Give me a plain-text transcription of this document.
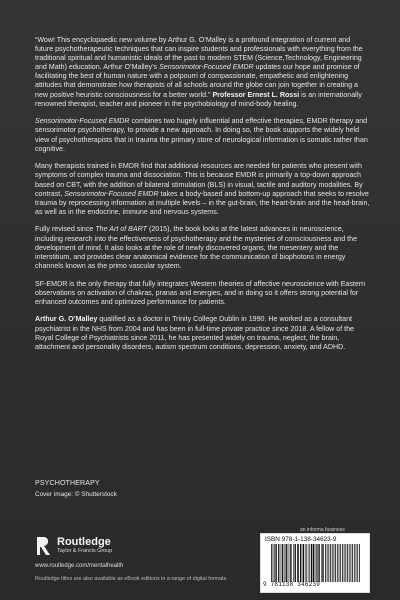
“Wow! This encyclopaedic new volume by Arthur G. O’Malley is a profound integration of current and future psychotherapeutic techniques that can inspire students and professionals with everything from the traditional spiritual and humanistic ideals of the past to modern STEM (Science,Technology, Engineering and Math) education. Arthur O’Malley’s Sensorimotor-Focused EMDR updates our hope and promise of facilitating the best of human nature with a potpourri of compassionate, empathetic and enlightening attitudes that demonstrate how therapists of all schools around the globe can join together in creating a new positive heuristic consciousness for a better world.” Professor Ernest L. Rossi is an internationally renowned therapist, teacher and pioneer in the psychobiology of mind-body healing.

Sensorimotor-Focused EMDR combines two hugely influential and effective therapies, EMDR therapy and sensorimotor psychotherapy, to provide a new approach. In doing so, the book supports the widely held view of psychotherapists that in trauma the primary store of neurological information is somatic rather than cognitive.

Many therapists trained in EMDR find that additional resources are needed for patients who present with symptoms of complex trauma and dissociation. This is because EMDR is primarily a top-down approach based on CBT, with the addition of bilateral stimulation (BLS) in visual, tactile and auditory modalities. By contrast, Sensorimotor-Focused EMDR takes a body-based and bottom-up approach that seeks to resolve trauma by reprocessing information at multiple levels – in the gut-brain, the heart-brain and the head-brain, as well as in the endocrine, immune and nervous systems.

Fully revised since The Art of BART (2015), the book looks at the latest advances in neuroscience, including research into the effectiveness of psychotherapy and the mysteries of consciousness and the development of mind. It also looks at the role of newly discovered organs, the mesentery and the interstitium, and provides clear anatomical evidence for the communication of biophotons in energy channels known as the primo vascular system.

SF-EMDR is the only therapy that fully integrates Western theories of affective neuroscience with Eastern observations on activation of chakras, pranas and energies, and in doing so it offers strong potential for enhanced outcomes and optimized performance for patients.

Arthur G. O’Malley qualified as a doctor in Trinity College Dublin in 1990. He worked as a consultant psychiatrist in the NHS from 2004 and has been in full-time private practice since 2018. A fellow of the Royal College of Psychiatrists since 2011, he has presented widely on trauma, neglect, the brain, attachment and personality disorders, autism spectrum conditions, depression, anxiety, and ADHD.

PSYCHOTHERAPY
Cover image: © Shutterstock
Routledge
Taylor & Francis Group
www.routledge.com/mentalhealth
Routledge titles are also available as eBook editions in a range of digital formats
an informa business
ISBN 978-1-138-34623-9
9 781138 346239
